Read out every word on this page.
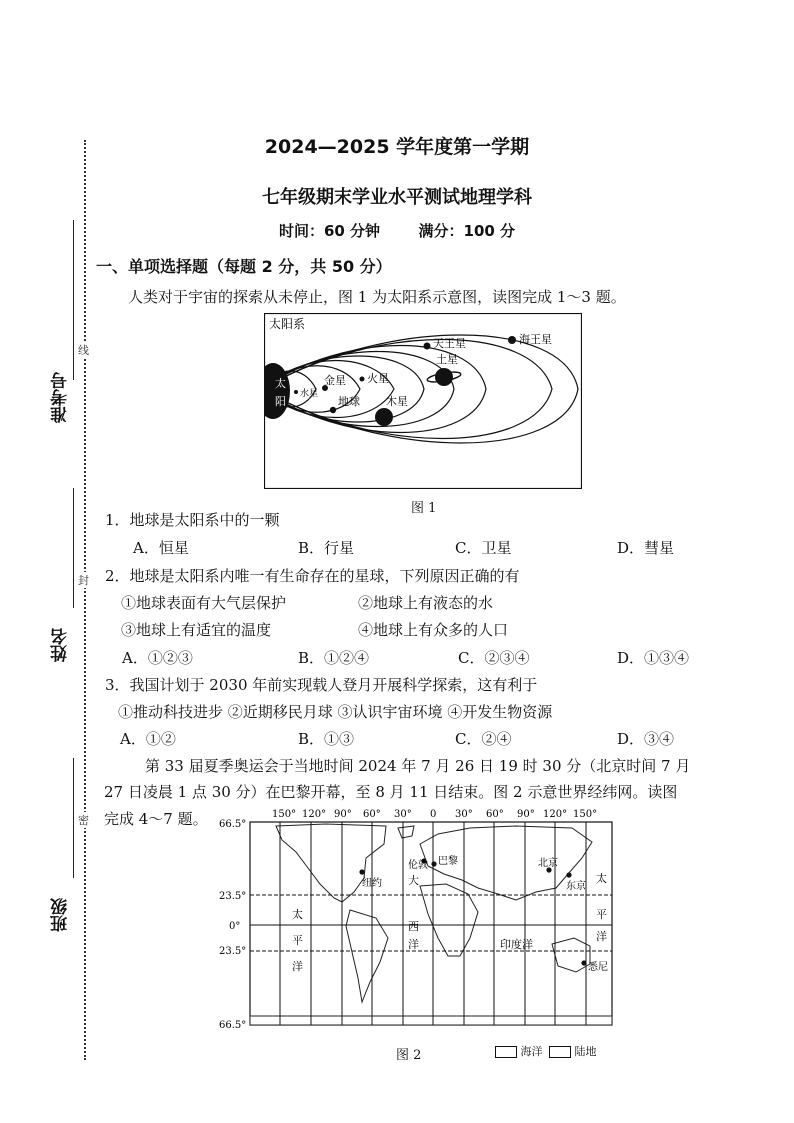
准考号
姓名
班级
线
封
密
2024—2025 学年度第一学期
七年级期末学业水平测试地理学科
时间：60 分钟	满分：100 分
一、单项选择题（每题 2 分，共 50 分）
人类对于宇宙的探索从未停止，图 1 为太阳系示意图，读图完成 1～3 题。
太阳系
太
阳
水星
金星
地球
火星
木星
土星
天王星	海王星
图 1
1．地球是太阳系中的一颗
A．恒星	B．行星	C．卫星	D．彗星
2．地球是太阳系内唯一有生命存在的星球，下列原因正确的有
①地球表面有大气层保护	②地球上有液态的水
③地球上有适宜的温度	④地球上有众多的人口
A．①②③	B．①②④	C．②③④	D．①③④
3．我国计划于 2030 年前实现载人登月开展科学探索，这有利于
①推动科技进步 ②近期移民月球 ③认识宇宙环境 ④开发生物资源
A．①②	B．①③	C．②④	D．③④
第 33 届夏季奥运会于当地时间 2024 年 7 月 26 日 19 时 30 分（北京时间 7 月
27 日凌晨 1 点 30 分）在巴黎开幕，至 8 月 11 日结束。图 2 示意世界经纬网。读图
完成 4～7 题。	150° 120° 90° 60° 30° 0 30° 60° 90° 120° 150°
66.5°
23.5°
0°
23.5°
66.5°
伦敦 巴黎
纽约
北京
东京
悉尼
太
平
洋
大
西
洋	印度洋
太
平
洋
图 2	海洋	陆地
